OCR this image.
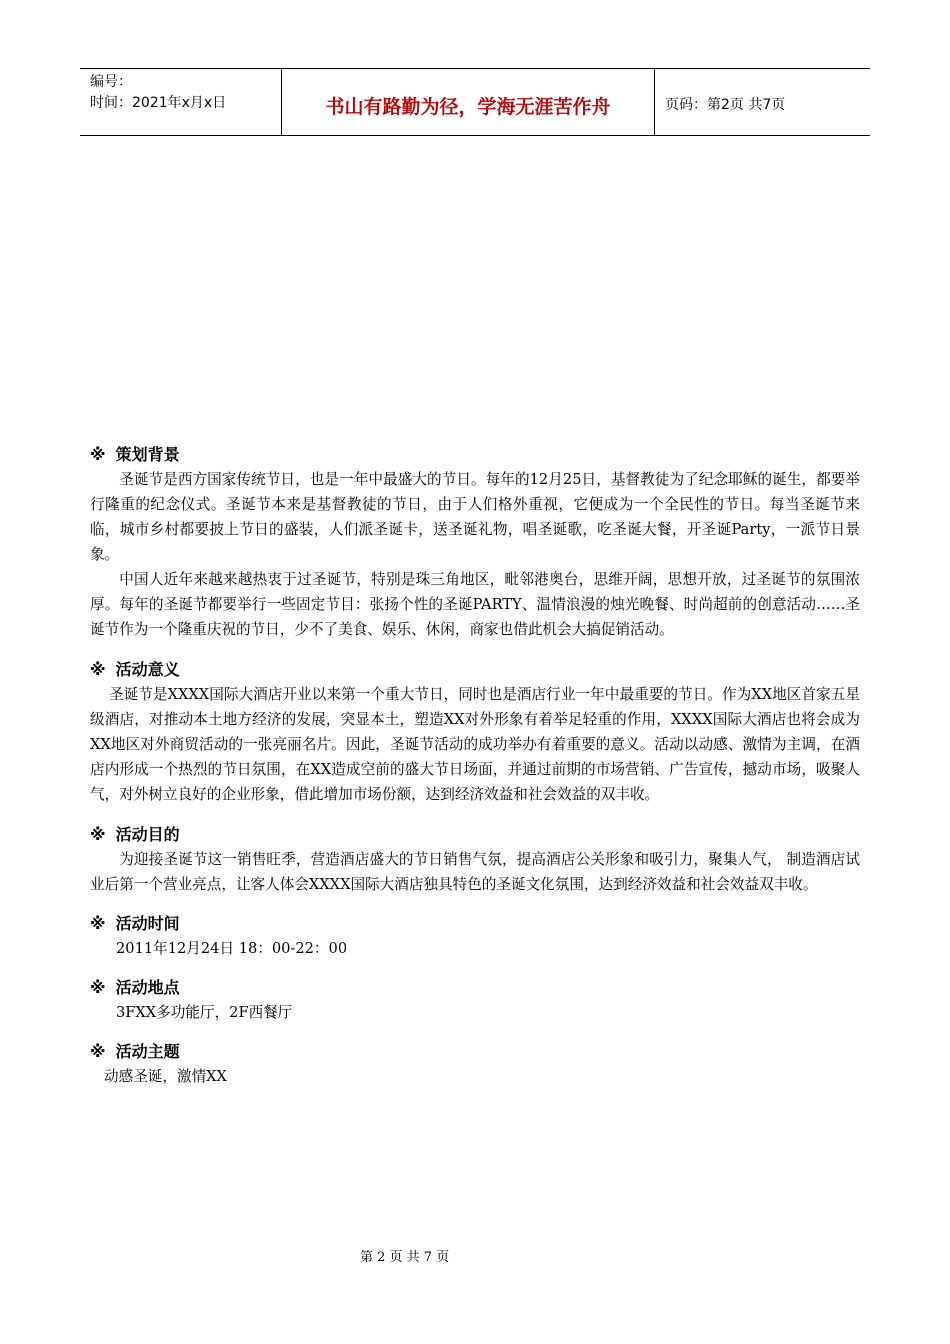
编号：
时间：2021年x月x日	书山有路勤为径，学海无涯苦作舟	页码：第2页 共7页
※ 策划背景

圣诞节是西方国家传统节日，也是一年中最盛大的节日。每年的12月25日，基督教徒为了纪念耶稣的诞生，都要举行隆重的纪念仪式。圣诞节本来是基督教徒的节日，由于人们格外重视，它便成为一个全民性的节日。每当圣诞节来临，城市乡村都要披上节日的盛装，人们派圣诞卡，送圣诞礼物，唱圣诞歌，吃圣诞大餐，开圣诞Party，一派节日景象。

中国人近年来越来越热衷于过圣诞节，特别是珠三角地区，毗邻港奥台，思维开阔，思想开放，过圣诞节的氛围浓厚。每年的圣诞节都要举行一些固定节目：张扬个性的圣诞PARTY、温情浪漫的烛光晚餐、时尚超前的创意活动……圣诞节作为一个隆重庆祝的节日，少不了美食、娱乐、休闲，商家也借此机会大搞促销活动。

※ 活动意义

圣诞节是XXXX国际大酒店开业以来第一个重大节日，同时也是酒店行业一年中最重要的节日。作为XX地区首家五星级酒店，对推动本土地方经济的发展，突显本土，塑造XX对外形象有着举足轻重的作用，XXXX国际大酒店也将会成为XX地区对外商贸活动的一张亮丽名片。因此，圣诞节活动的成功举办有着重要的意义。活动以动感、激情为主调，在酒店内形成一个热烈的节日氛围，在XX造成空前的盛大节日场面，并通过前期的市场营销、广告宣传，撼动市场，吸聚人气，对外树立良好的企业形象，借此增加市场份额，达到经济效益和社会效益的双丰收。

※ 活动目的

为迎接圣诞节这一销售旺季，营造酒店盛大的节日销售气氛，提高酒店公关形象和吸引力，聚集人气， 制造酒店试业后第一个营业亮点，让客人体会XXXX国际大酒店独具特色的圣诞文化氛围，达到经济效益和社会效益双丰收。

※ 活动时间

2011年12月24日 18：00-22：00

※ 活动地点

3FXX多功能厅，2F西餐厅

※ 活动主题

动感圣诞，激情XX

第 2 页 共 7 页
